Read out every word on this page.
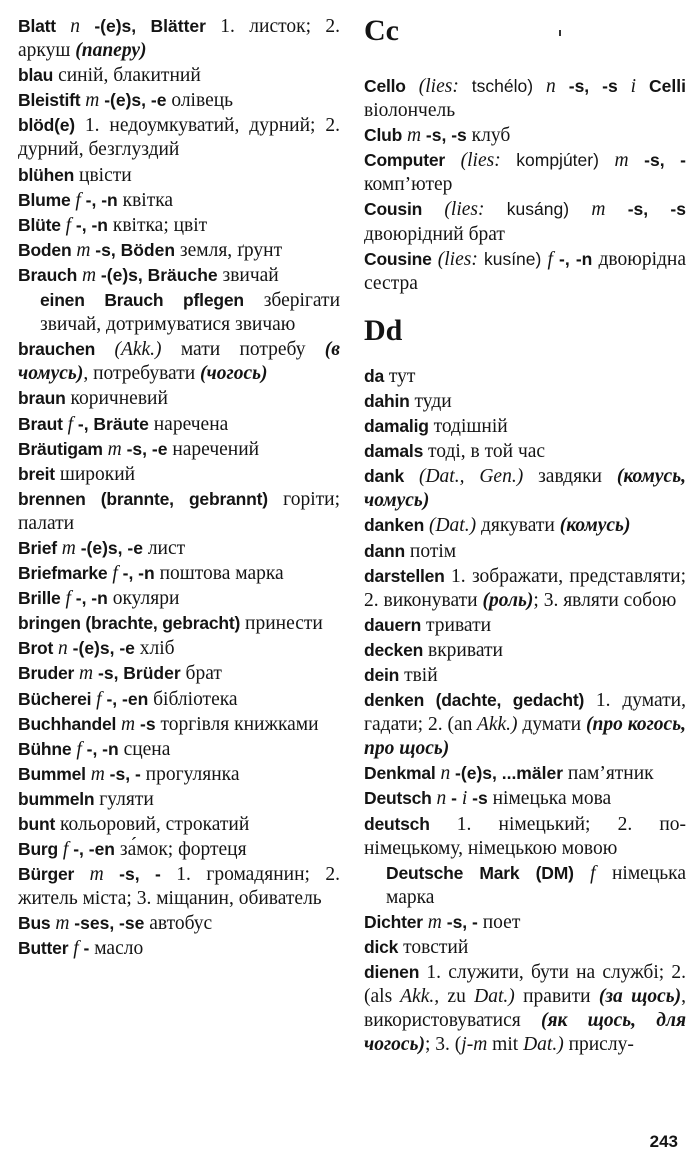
Blatt n -(e)s, Blätter 1. листок; 2. аркуш (паперу)

blau синій, блакитний

Bleistift m -(e)s, -e олівець

blöd(e) 1. недоумкуватий, дурний; 2. дурний, безглуздий

blühen цвісти

Blume f -, -n квітка

Blüte f -, -n квітка; цвіт

Boden m -s, Böden земля, ґрунт

Brauch m -(e)s, Bräuche звичай

einen Brauch pflegen зберігати звичай, дотримуватися звичаю

brauchen (Akk.) мати потребу (в чомусь), потребувати (чогось)

braun коричневий

Braut f -, Bräute наречена

Bräutigam m -s, -e наречений

breit широкий

brennen (brannte, gebrannt) горіти; палати

Brief m -(e)s, -e лист

Briefmarke f -, -n поштова марка

Brille f -, -n окуляри

bringen (brachte, gebracht) принести

Brot n -(e)s, -e хліб

Bruder m -s, Brüder брат

Bücherei f -, -en бібліотека

Buchhandel m -s торгівля книжками

Bühne f -, -n сцена

Bummel m -s, - прогулянка

bummeln гуляти

bunt кольоровий, строкатий

Burg f -, -en за́мок; фортеця

Bürger m -s, - 1. громадянин; 2. житель міста; 3. міщанин, обиватель

Bus m -ses, -se автобус

Butter f - масло

Cc

Cello (lies: tschélo) n -s, -s i Celli віолончель

Club m -s, -s клуб

Computer (lies: kompjúter) m -s, - комп’ютер

Cousin (lies: kusáng) m -s, -s двоюрідний брат

Cousine (lies: kusíne) f -, -n двоюрідна сестра

Dd

da тут

dahin туди

damalig тодішній

damals тоді, в той час

dank (Dat., Gen.) завдяки (комусь, чомусь)

danken (Dat.) дякувати (комусь)

dann потім

darstellen 1. зображати, представляти; 2. виконувати (роль); 3. являти собою

dauern тривати

decken вкривати

dein твій

denken (dachte, gedacht) 1. думати, гадати; 2. (an Akk.) думати (про когось, про щось)

Denkmal n -(e)s, ...mäler пам’ятник

Deutsch n - i -s німецька мова

deutsch 1. німецький; 2. по-німецькому, німецькою мовою

Deutsche Mark (DM) f німецька марка

Dichter m -s, - поет

dick товстий

dienen 1. служити, бути на службі; 2. (als Akk., zu Dat.) правити (за щось), використовуватися (як щось, для чогось); 3. (j-m mit Dat.) прислу-

243
